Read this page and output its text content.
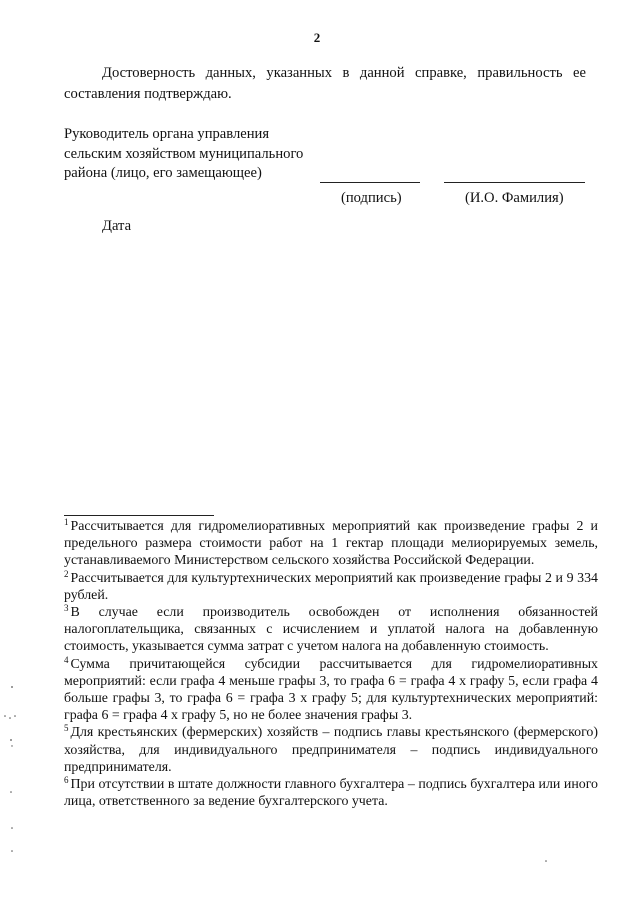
2

Достоверность данных, указанных в данной справке, правильность ее составления подтверждаю.

Руководитель органа управления
сельским хозяйством муниципального
района (лицо, его замещающее)
(подпись)	(И.О. Фамилия)
Дата

$^1$ Рассчитывается для гидромелиоративных мероприятий как произведение графы 2 и предельного размера стоимости работ на 1 гектар площади мелиорируемых земель, устанавливаемого Министерством сельского хозяйства Российской Федерации.

$^2$ Рассчитывается для культуртехнических мероприятий как произведение графы 2 и 9 334 рублей.

$^3$ В случае если производитель освобожден от исполнения обязанностей налогоплательщика, связанных с исчислением и уплатой налога на добавленную стоимость, указывается сумма затрат с учетом налога на добавленную стоимость.

$^4$ Сумма причитающейся субсидии рассчитывается для гидромелиоративных мероприятий: если графа 4 меньше графы 3, то графа 6 = графа 4 х графу 5, если графа 4 больше графы 3, то графа 6 = графа 3 х графу 5; для культуртехнических мероприятий: графа 6 = графа 4 х графу 5, но не более значения графы 3.

$^5$ Для крестьянских (фермерских) хозяйств – подпись главы крестьянского (фермерского) хозяйства, для индивидуального предпринимателя – подпись индивидуального предпринимателя.

$^6$ При отсутствии в штате должности главного бухгалтера – подпись бухгалтера или иного лица, ответственного за ведение бухгалтерского учета.
